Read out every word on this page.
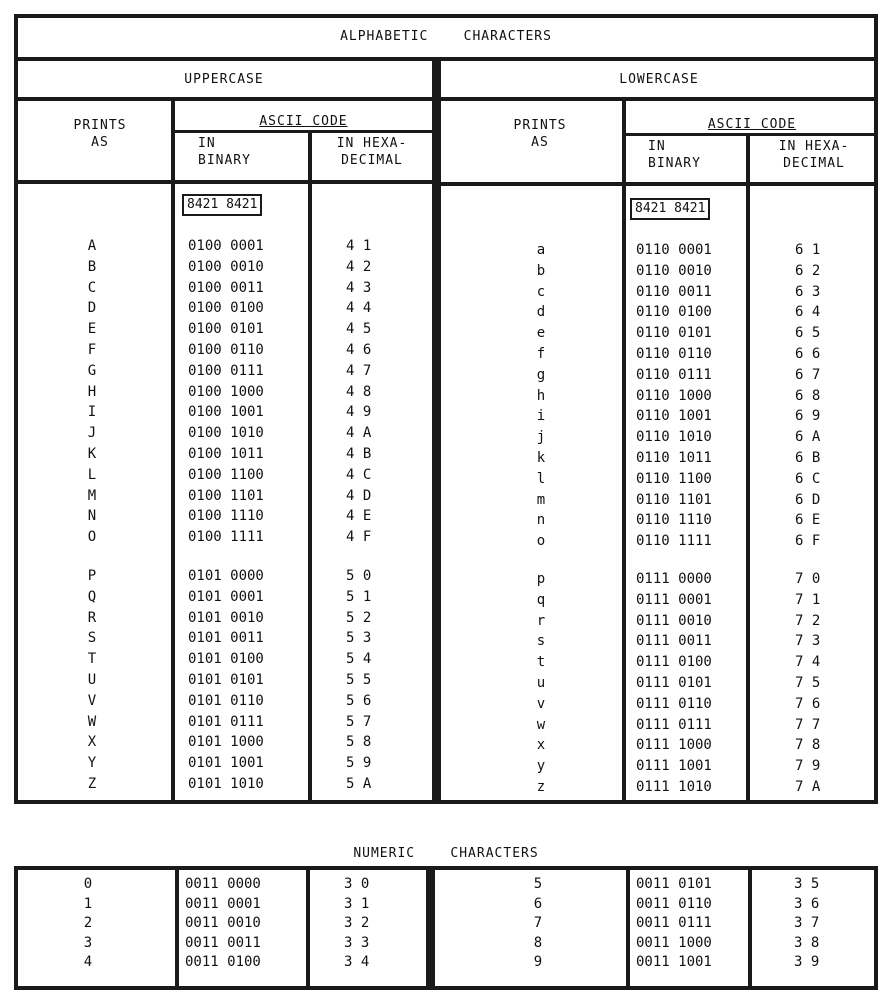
ALPHABETIC    CHARACTERS
UPPERCASE	LOWERCASE
PRINTS
AS
ASCII CODE
IN
BINARY
IN HEXA-
DECIMAL
PRINTS
AS
ASCII CODE
IN
BINARY
IN HEXA-
DECIMAL
8421 8421	8421 8421
A
B
C
D
E
F
G
H
I
J
K
L
M
N
O
0100 0001
0100 0010
0100 0011
0100 0100
0100 0101
0100 0110
0100 0111
0100 1000
0100 1001
0100 1010
0100 1011
0100 1100
0100 1101
0100 1110
0100 1111
4 1
4 2
4 3
4 4
4 5
4 6
4 7
4 8
4 9
4 A
4 B
4 C
4 D
4 E
4 F
P
Q
R
S
T
U
V
W
X
Y
Z
0101 0000
0101 0001
0101 0010
0101 0011
0101 0100
0101 0101
0101 0110
0101 0111
0101 1000
0101 1001
0101 1010
5 0
5 1
5 2
5 3
5 4
5 5
5 6
5 7
5 8
5 9
5 A
a
b
c
d
e
f
g
h
i
j
k
l
m
n
o
0110 0001
0110 0010
0110 0011
0110 0100
0110 0101
0110 0110
0110 0111
0110 1000
0110 1001
0110 1010
0110 1011
0110 1100
0110 1101
0110 1110
0110 1111
6 1
6 2
6 3
6 4
6 5
6 6
6 7
6 8
6 9
6 A
6 B
6 C
6 D
6 E
6 F
p
q
r
s
t
u
v
w
x
y
z
0111 0000
0111 0001
0111 0010
0111 0011
0111 0100
0111 0101
0111 0110
0111 0111
0111 1000
0111 1001
0111 1010
7 0
7 1
7 2
7 3
7 4
7 5
7 6
7 7
7 8
7 9
7 A
NUMERIC    CHARACTERS
0
1
2
3
4
0011 0000
0011 0001
0011 0010
0011 0011
0011 0100
3 0
3 1
3 2
3 3
3 4
5
6
7
8
9
0011 0101
0011 0110
0011 0111
0011 1000
0011 1001
3 5
3 6
3 7
3 8
3 9
